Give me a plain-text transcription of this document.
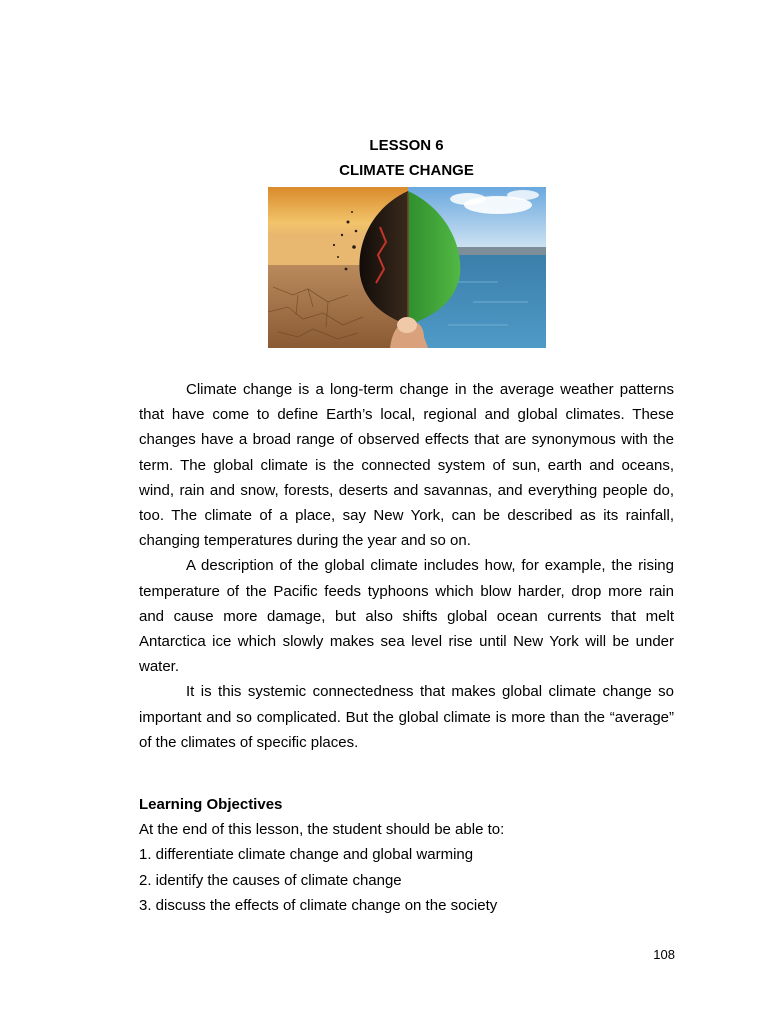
LESSON 6
CLIMATE CHANGE

Climate change is a long-term change in the average weather patterns that have come to define Earth’s local, regional and global climates. These changes have a broad range of observed effects that are synonymous with the term. The global climate is the connected system of sun, earth and oceans, wind, rain and snow, forests, deserts and savannas, and everything people do, too. The climate of a place, say New York, can be described as its rainfall, changing temperatures during the year and so on.

A description of the global climate includes how, for example, the rising temperature of the Pacific feeds typhoons which blow harder, drop more rain and cause more damage, but also shifts global ocean currents that melt Antarctica ice which slowly makes sea level rise until New York will be under water.

It is this systemic connectedness that makes global climate change so important and so complicated. But the global climate is more than the “average” of the climates of specific places.

Learning Objectives
At the end of this lesson, the student should be able to:
1. differentiate climate change and global warming
2. identify the causes of climate change
3. discuss the effects of climate change on the society
108
